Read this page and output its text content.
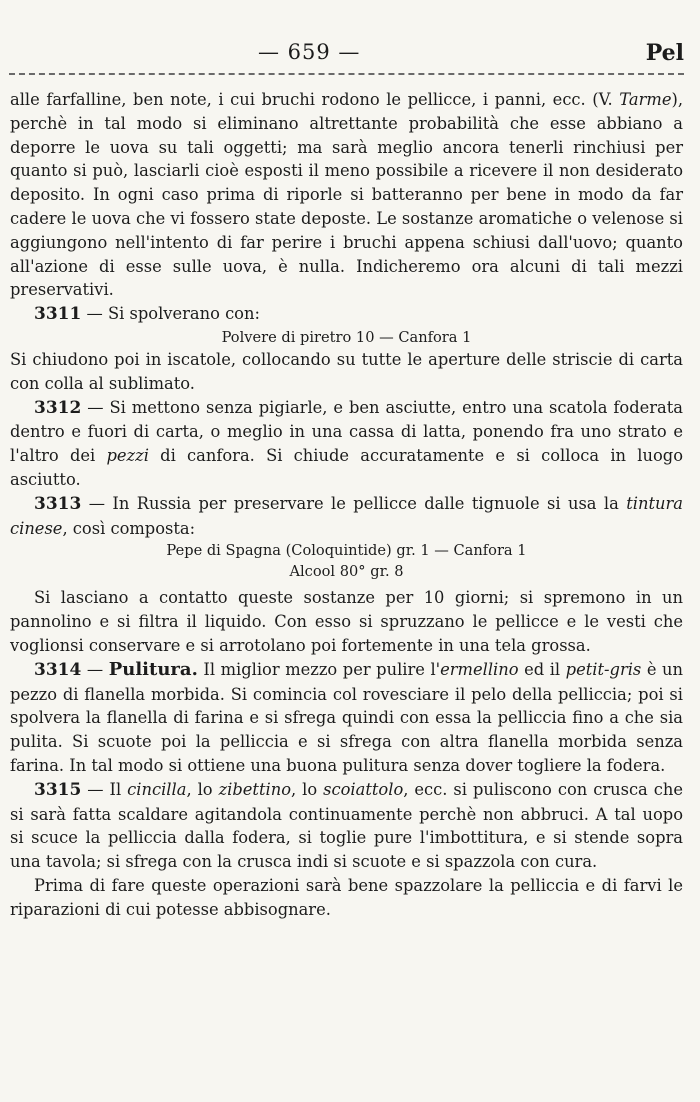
— 659 —	Pel

alle farfalline, ben note, i cui bruchi rodono le pellicce, i panni, ecc. (V. Tarme), perchè in tal modo si eliminano altrettante probabilità che esse abbiano a deporre le uova su tali oggetti; ma sarà meglio ancora tenerli rinchiusi per quanto si può, lasciarli cioè esposti il meno possibile a ricevere il non desiderato deposito. In ogni caso prima di riporle si batteranno per bene in modo da far cadere le uova che vi fossero state deposte. Le sostanze aromatiche o velenose si aggiungono nell'intento di far perire i bruchi appena schiusi dall'uovo; quanto all'azione di esse sulle uova, è nulla. Indicheremo ora alcuni di tali mezzi preservativi.

3311 — Si spolverano con:

Polvere di piretro 10 — Canfora 1

Si chiudono poi in iscatole, collocando su tutte le aperture delle striscie di carta con colla al sublimato.

3312 — Si mettono senza pigiarle, e ben asciutte, entro una scatola foderata dentro e fuori di carta, o meglio in una cassa di latta, ponendo fra uno strato e l'altro dei pezzi di canfora. Si chiude accuratamente e si colloca in luogo asciutto.

3313 — In Russia per preservare le pellicce dalle tignuole si usa la tintura cinese, così composta:

Pepe di Spagna (Coloquintide) gr. 1 — Canfora 1

Alcool 80° gr. 8

Si lasciano a contatto queste sostanze per 10 giorni; si spremono in un pannolino e si filtra il liquido. Con esso si spruzzano le pellicce e le vesti che voglionsi conservare e si arrotolano poi fortemente in una tela grossa.

3314 — Pulitura. Il miglior mezzo per pulire l'ermellino ed il petit-gris è un pezzo di flanella morbida. Si comincia col rovesciare il pelo della pelliccia; poi si spolvera la flanella di farina e si sfrega quindi con essa la pelliccia fino a che sia pulita. Si scuote poi la pelliccia e si sfrega con altra flanella morbida senza farina. In tal modo si ottiene una buona pulitura senza dover togliere la fodera.

3315 — Il cincilla, lo zibettino, lo scoiattolo, ecc. si puliscono con crusca che si sarà fatta scaldare agitandola continuamente perchè non abbruci. A tal uopo si scuce la pelliccia dalla fodera, si toglie pure l'imbottitura, e si stende sopra una tavola; si sfrega con la crusca indi si scuote e si spazzola con cura.

Prima di fare queste operazioni sarà bene spazzolare la pelliccia e di farvi le riparazioni di cui potesse abbisognare.
